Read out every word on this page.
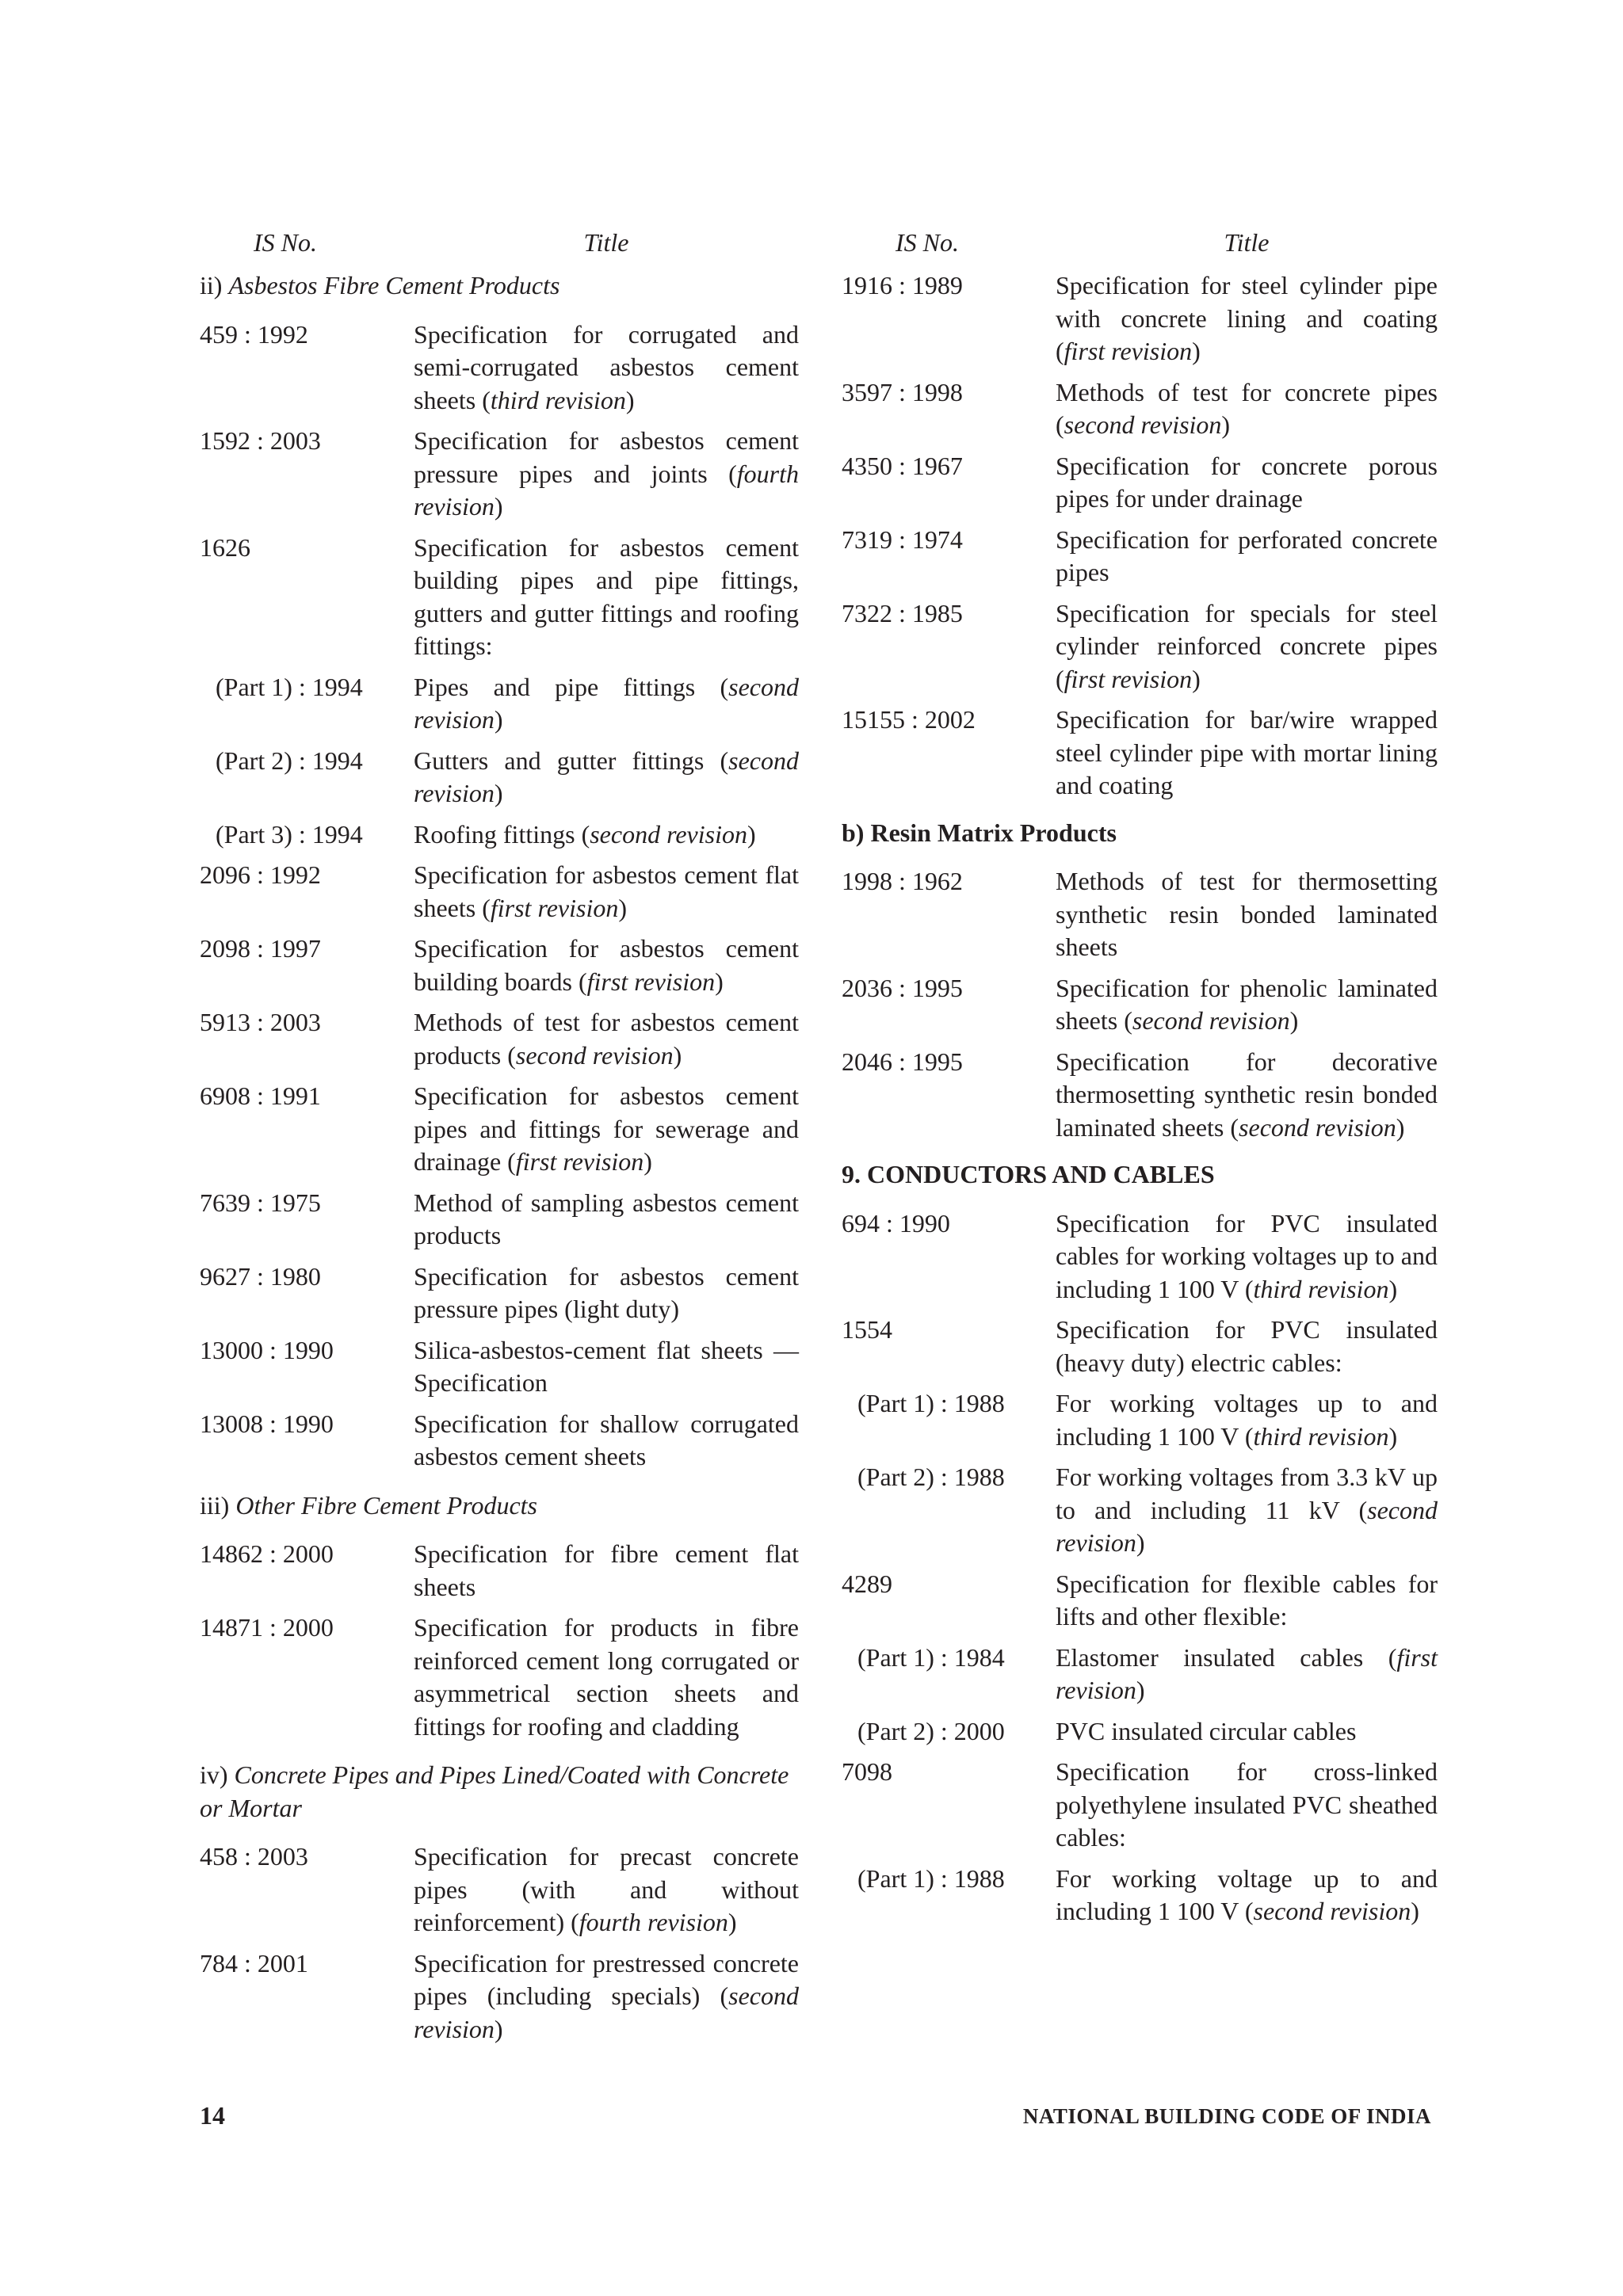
IS No.	Title
ii) Asbestos Fibre Cement Products
459 : 1992	Specification for corrugated and semi-corrugated asbestos cement sheets (third revision)
1592 : 2003	Specification for asbestos cement pressure pipes and joints (fourth revision)
1626	Specification for asbestos cement building pipes and pipe fittings, gutters and gutter fittings and roofing fittings:
(Part 1) : 1994	Pipes and pipe fittings (second revision)
(Part 2) : 1994	Gutters and gutter fittings (second revision)
(Part 3) : 1994	Roofing fittings (second revision)
2096 : 1992	Specification for asbestos cement flat sheets (first revision)
2098 : 1997	Specification for asbestos cement building boards (first revision)
5913 : 2003	Methods of test for asbestos cement products (second revision)
6908 : 1991	Specification for asbestos cement pipes and fittings for sewerage and drainage (first revision)
7639 : 1975	Method of sampling asbestos cement products
9627 : 1980	Specification for asbestos cement pressure pipes (light duty)
13000 : 1990	Silica-asbestos-cement flat sheets — Specification
13008 : 1990	Specification for shallow corrugated asbestos cement sheets
iii) Other Fibre Cement Products
14862 : 2000	Specification for fibre cement flat sheets
14871 : 2000	Specification for products in fibre reinforced cement long corrugated or asymmetrical section sheets and fittings for roofing and cladding
iv) Concrete Pipes and Pipes Lined/Coated with Concrete or Mortar
458 : 2003	Specification for precast concrete pipes (with and without reinforcement) (fourth revision)
784 : 2001	Specification for prestressed concrete pipes (including specials) (second revision)
IS No.	Title
1916 : 1989	Specification for steel cylinder pipe with concrete lining and coating (first revision)
3597 : 1998	Methods of test for concrete pipes (second revision)
4350 : 1967	Specification for concrete porous pipes for under drainage
7319 : 1974	Specification for perforated concrete pipes
7322 : 1985	Specification for specials for steel cylinder reinforced concrete pipes (first revision)
15155 : 2002	Specification for bar/wire wrapped steel cylinder pipe with mortar lining and coating
b) Resin Matrix Products
1998 : 1962	Methods of test for thermosetting synthetic resin bonded laminated sheets
2036 : 1995	Specification for phenolic laminated sheets (second revision)
2046 : 1995	Specification for decorative thermosetting synthetic resin bonded laminated sheets (second revision)
9. CONDUCTORS AND CABLES
694 : 1990	Specification for PVC insulated cables for working voltages up to and including 1 100 V (third revision)
1554	Specification for PVC insulated (heavy duty) electric cables:
(Part 1) : 1988	For working voltages up to and including 1 100 V (third revision)
(Part 2) : 1988	For working voltages from 3.3 kV up to and including 11 kV (second revision)
4289	Specification for flexible cables for lifts and other flexible:
(Part 1) : 1984	Elastomer insulated cables (first revision)
(Part 2) : 2000	PVC insulated circular cables
7098	Specification for cross-linked polyethylene insulated PVC sheathed cables:
(Part 1) : 1988	For working voltage up to and including 1 100 V (second revision)
14	NATIONAL BUILDING CODE OF INDIA
